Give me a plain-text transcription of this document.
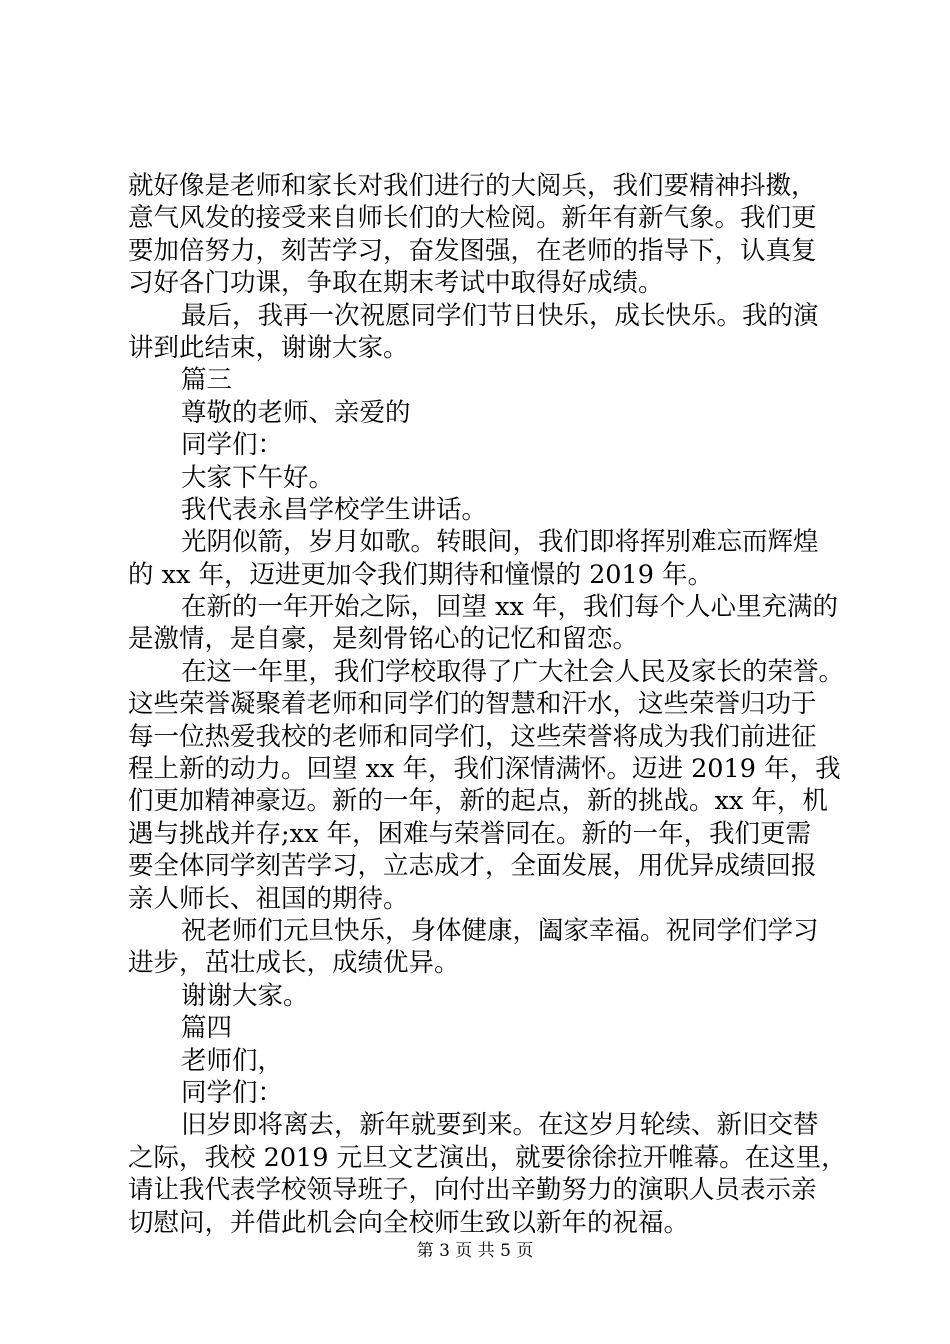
就好像是老师和家长对我们进行的大阅兵，我们要精神抖擞，
意气风发的接受来自师长们的大检阅。新年有新气象。我们更
要加倍努力，刻苦学习，奋发图强，在老师的指导下，认真复
习好各门功课，争取在期末考试中取得好成绩。
最后，我再一次祝愿同学们节日快乐，成长快乐。我的演
讲到此结束，谢谢大家。
篇三
尊敬的老师、亲爱的
同学们：
大家下午好。
我代表永昌学校学生讲话。
光阴似箭，岁月如歌。转眼间，我们即将挥别难忘而辉煌
的 xx 年，迈进更加令我们期待和憧憬的 2019 年。
在新的一年开始之际，回望 xx 年，我们每个人心里充满的
是激情，是自豪，是刻骨铭心的记忆和留恋。
在这一年里，我们学校取得了广大社会人民及家长的荣誉。
这些荣誉凝聚着老师和同学们的智慧和汗水，这些荣誉归功于
每一位热爱我校的老师和同学们，这些荣誉将成为我们前进征
程上新的动力。回望 xx 年，我们深情满怀。迈进 2019 年，我
们更加精神豪迈。新的一年，新的起点，新的挑战。xx 年，机
遇与挑战并存;xx 年，困难与荣誉同在。新的一年，我们更需
要全体同学刻苦学习，立志成才，全面发展，用优异成绩回报
亲人师长、祖国的期待。
祝老师们元旦快乐，身体健康，阖家幸福。祝同学们学习
进步，茁壮成长，成绩优异。
谢谢大家。
篇四
老师们，
同学们：
旧岁即将离去，新年就要到来。在这岁月轮续、新旧交替
之际，我校 2019 元旦文艺演出，就要徐徐拉开帷幕。在这里，
请让我代表学校领导班子，向付出辛勤努力的演职人员表示亲
切慰问，并借此机会向全校师生致以新年的祝福。
第 3 页 共 5 页
